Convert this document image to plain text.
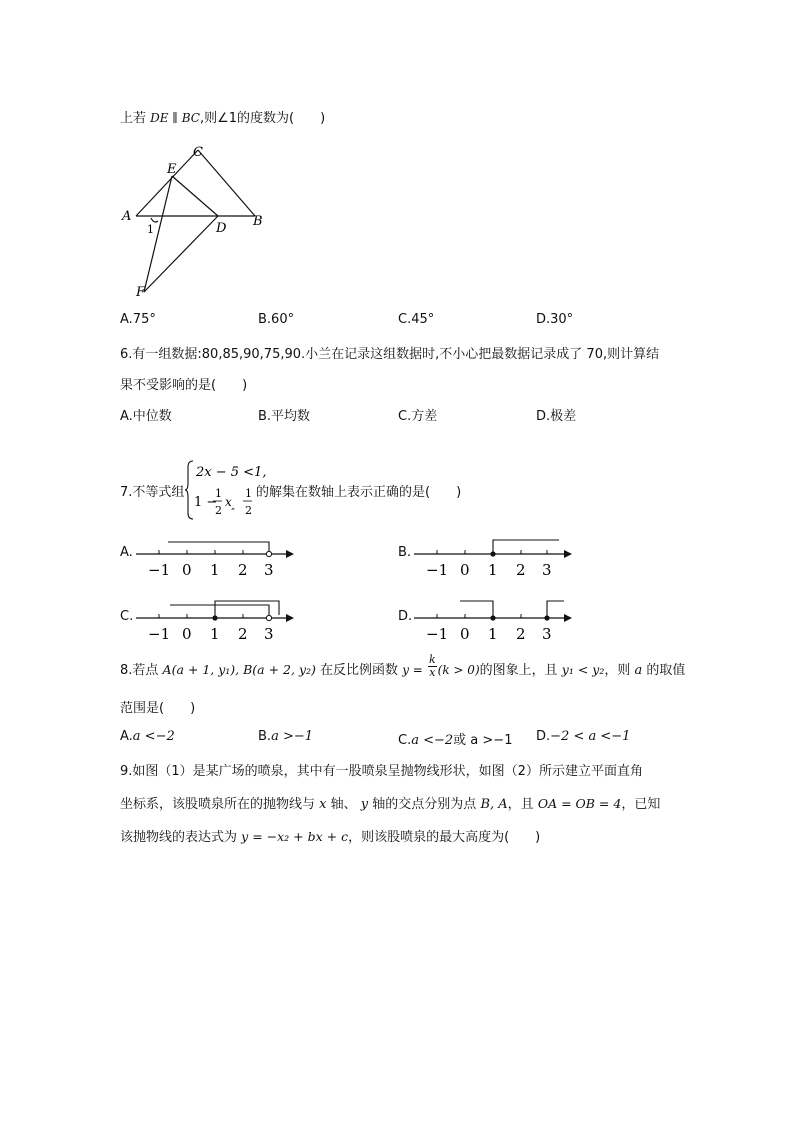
上若 DE ∥ BC,则∠1的度数为(　　)
A	B
C
D
E
F
1
A.75°	B.60°	C.45°	D.30°
6.有一组数据:80,85,90,75,90.小兰在记录这组数据时,不小心把最数据记录成了 70,则计算结
果不受影响的是(　　)
A.中位数	B.平均数	C.方差	D.极差
7.不等式组
2x − 5 <1,
1 −
1
2
x „
1
2
的解集在数轴上表示正确的是(　　)
A.
−1 0 1 2 3
B.
−1 0 1 2 3
C.
−1 0 1 2 3
D.
−1 0 1 2 3
8.若点 A(a + 1, y₁), B(a + 2, y₂) 在反比例函数 $y = \frac{k}{x} (k > 0)$的图象上，且 y₁ < y₂，则 a 的取值
范围是(　　)
A.a <−2	B.a >−1	C.a <−2或 a >−1 D.−2 < a <−1
9.如图（1）是某广场的喷泉，其中有一股喷泉呈抛物线形状，如图（2）所示建立平面直角
坐标系，该股喷泉所在的抛物线与 x 轴、 y 轴的交点分别为点 B, A，且 OA = OB = 4，已知
该抛物线的表达式为 y = −x₂ + bx + c，则该股喷泉的最大高度为(　　)
